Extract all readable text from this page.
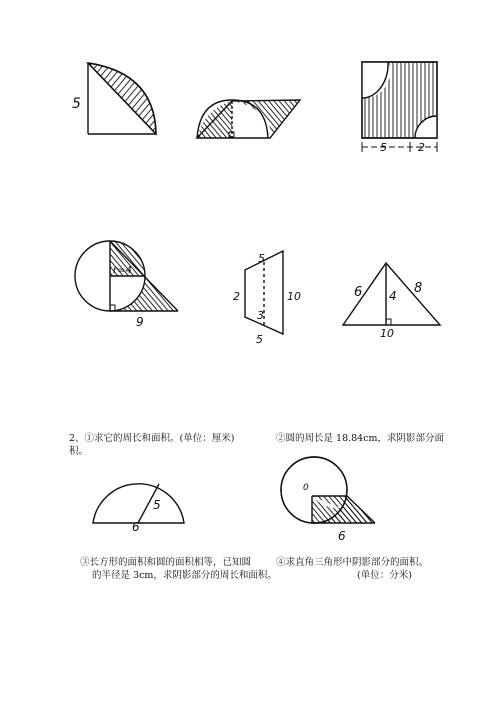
5
5	2
r=4
9
5
2	10
3
5
6 4 8
10
5
6
0
6
2、①求它的周长和面积。(单位：厘米)
积。
②圆的周长是 18.84cm，求阴影部分面
③长方形的面积和圆的面积相等，已知圆
的半径是 3cm，求阴影部分的周长和面积。
④求直角三角形中阴影部分的面积。
(单位：分米)
